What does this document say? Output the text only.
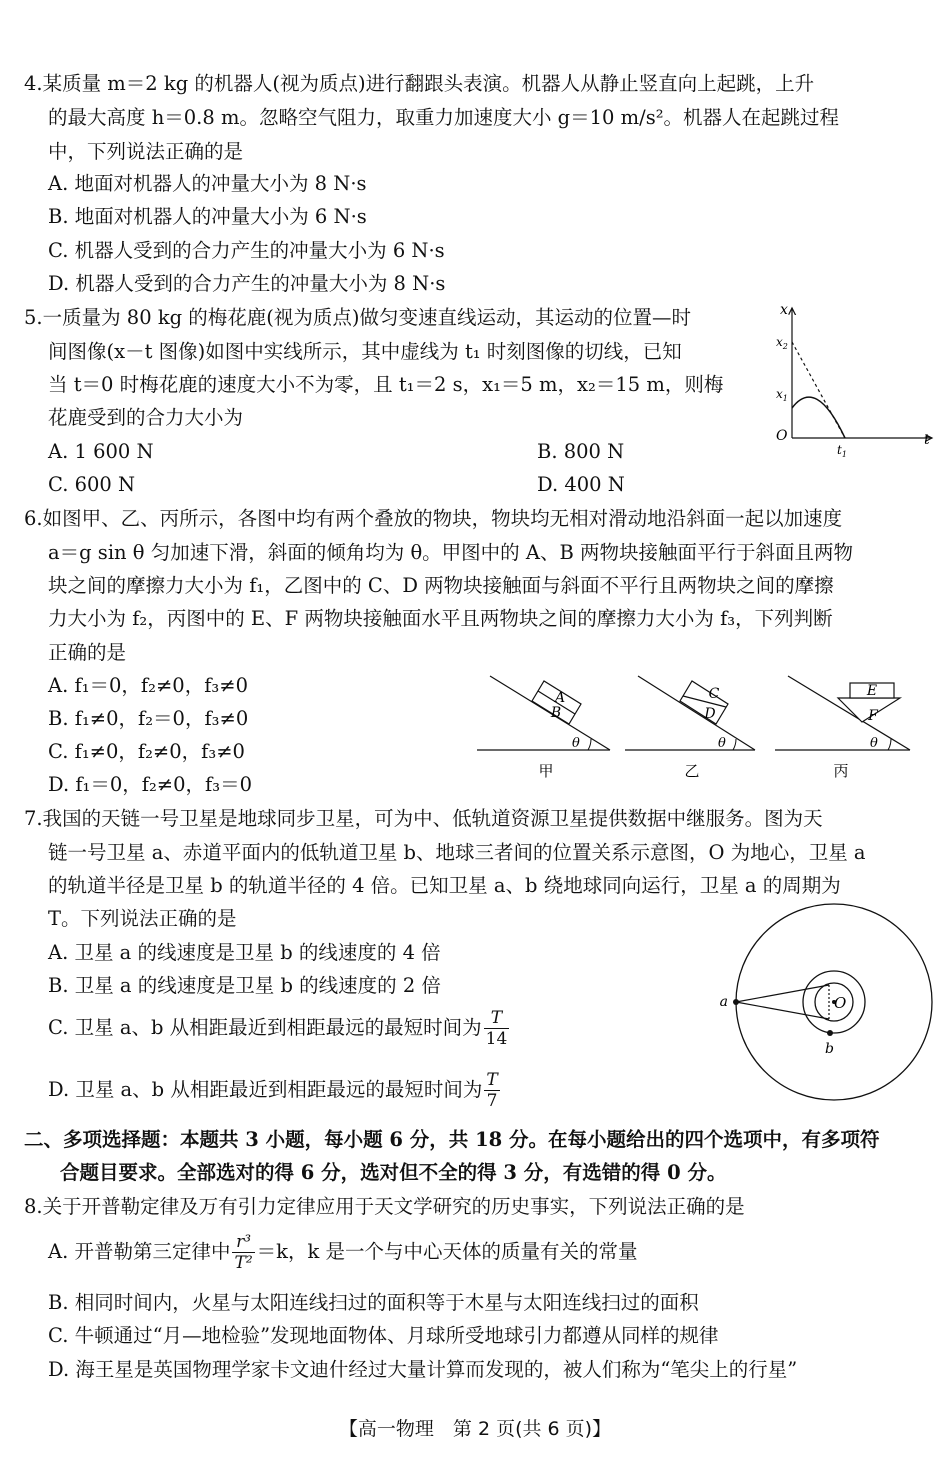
4.某质量 m＝2 kg 的机器人(视为质点)进行翻跟头表演。机器人从静止竖直向上起跳，上升
的最大高度 h＝0.8 m。忽略空气阻力，取重力加速度大小 g＝10 m/s²。机器人在起跳过程
中，下列说法正确的是
A. 地面对机器人的冲量大小为 8 N·s
B. 地面对机器人的冲量大小为 6 N·s
C. 机器人受到的合力产生的冲量大小为 6 N·s
D. 机器人受到的合力产生的冲量大小为 8 N·s
5.一质量为 80 kg 的梅花鹿(视为质点)做匀变速直线运动，其运动的位置—时
间图像(x－t 图像)如图中实线所示，其中虚线为 t₁ 时刻图像的切线，已知
当 t＝0 时梅花鹿的速度大小不为零，且 t₁＝2 s，x₁＝5 m，x₂＝15 m，则梅
花鹿受到的合力大小为
A. 1 600 N	B. 800 N
C. 600 N	D. 400 N
x
t
O
$x_2$
$x_1$
$t_1$
6.如图甲、乙、丙所示，各图中均有两个叠放的物块，物块均无相对滑动地沿斜面一起以加速度
a＝g sin θ 匀加速下滑，斜面的倾角均为 θ。甲图中的 A、B 两物块接触面平行于斜面且两物
块之间的摩擦力大小为 f₁，乙图中的 C、D 两物块接触面与斜面不平行且两物块之间的摩擦
力大小为 f₂，丙图中的 E、F 两物块接触面水平且两物块之间的摩擦力大小为 f₃，下列判断
正确的是
A. f₁＝0，f₂≠0，f₃≠0
B. f₁≠0，f₂＝0，f₃≠0
C. f₁≠0，f₂≠0，f₃≠0
D. f₁＝0，f₂≠0，f₃＝0
A
B
θ
甲
C
D
θ
乙
E
F
θ
丙
7.我国的天链一号卫星是地球同步卫星，可为中、低轨道资源卫星提供数据中继服务。图为天
链一号卫星 a、赤道平面内的低轨道卫星 b、地球三者间的位置关系示意图，O 为地心，卫星 a
的轨道半径是卫星 b 的轨道半径的 4 倍。已知卫星 a、b 绕地球同向运行，卫星 a 的周期为
T。下列说法正确的是
A. 卫星 a 的线速度是卫星 b 的线速度的 4 倍
B. 卫星 a 的线速度是卫星 b 的线速度的 2 倍
C. 卫星 a、b 从相距最近到相距最远的最短时间为 $\frac{T}{14}$
D. 卫星 a、b 从相距最近到相距最远的最短时间为 $\frac{T}{7}$
a
b
O
二、多项选择题：本题共 3 小题，每小题 6 分，共 18 分。在每小题给出的四个选项中，有多项符
合题目要求。全部选对的得 6 分，选对但不全的得 3 分，有选错的得 0 分。
8.关于开普勒定律及万有引力定律应用于天文学研究的历史事实，下列说法正确的是
A. 开普勒第三定律中 $\frac{\text{r³}}{\text{T²}} =k$，k 是一个与中心天体的质量有关的常量
B. 相同时间内，火星与太阳连线扫过的面积等于木星与太阳连线扫过的面积
C. 牛顿通过“月—地检验”发现地面物体、月球所受地球引力都遵从同样的规律
D. 海王星是英国物理学家卡文迪什经过大量计算而发现的，被人们称为“笔尖上的行星”
【高一物理　第 2 页(共 6 页)】
